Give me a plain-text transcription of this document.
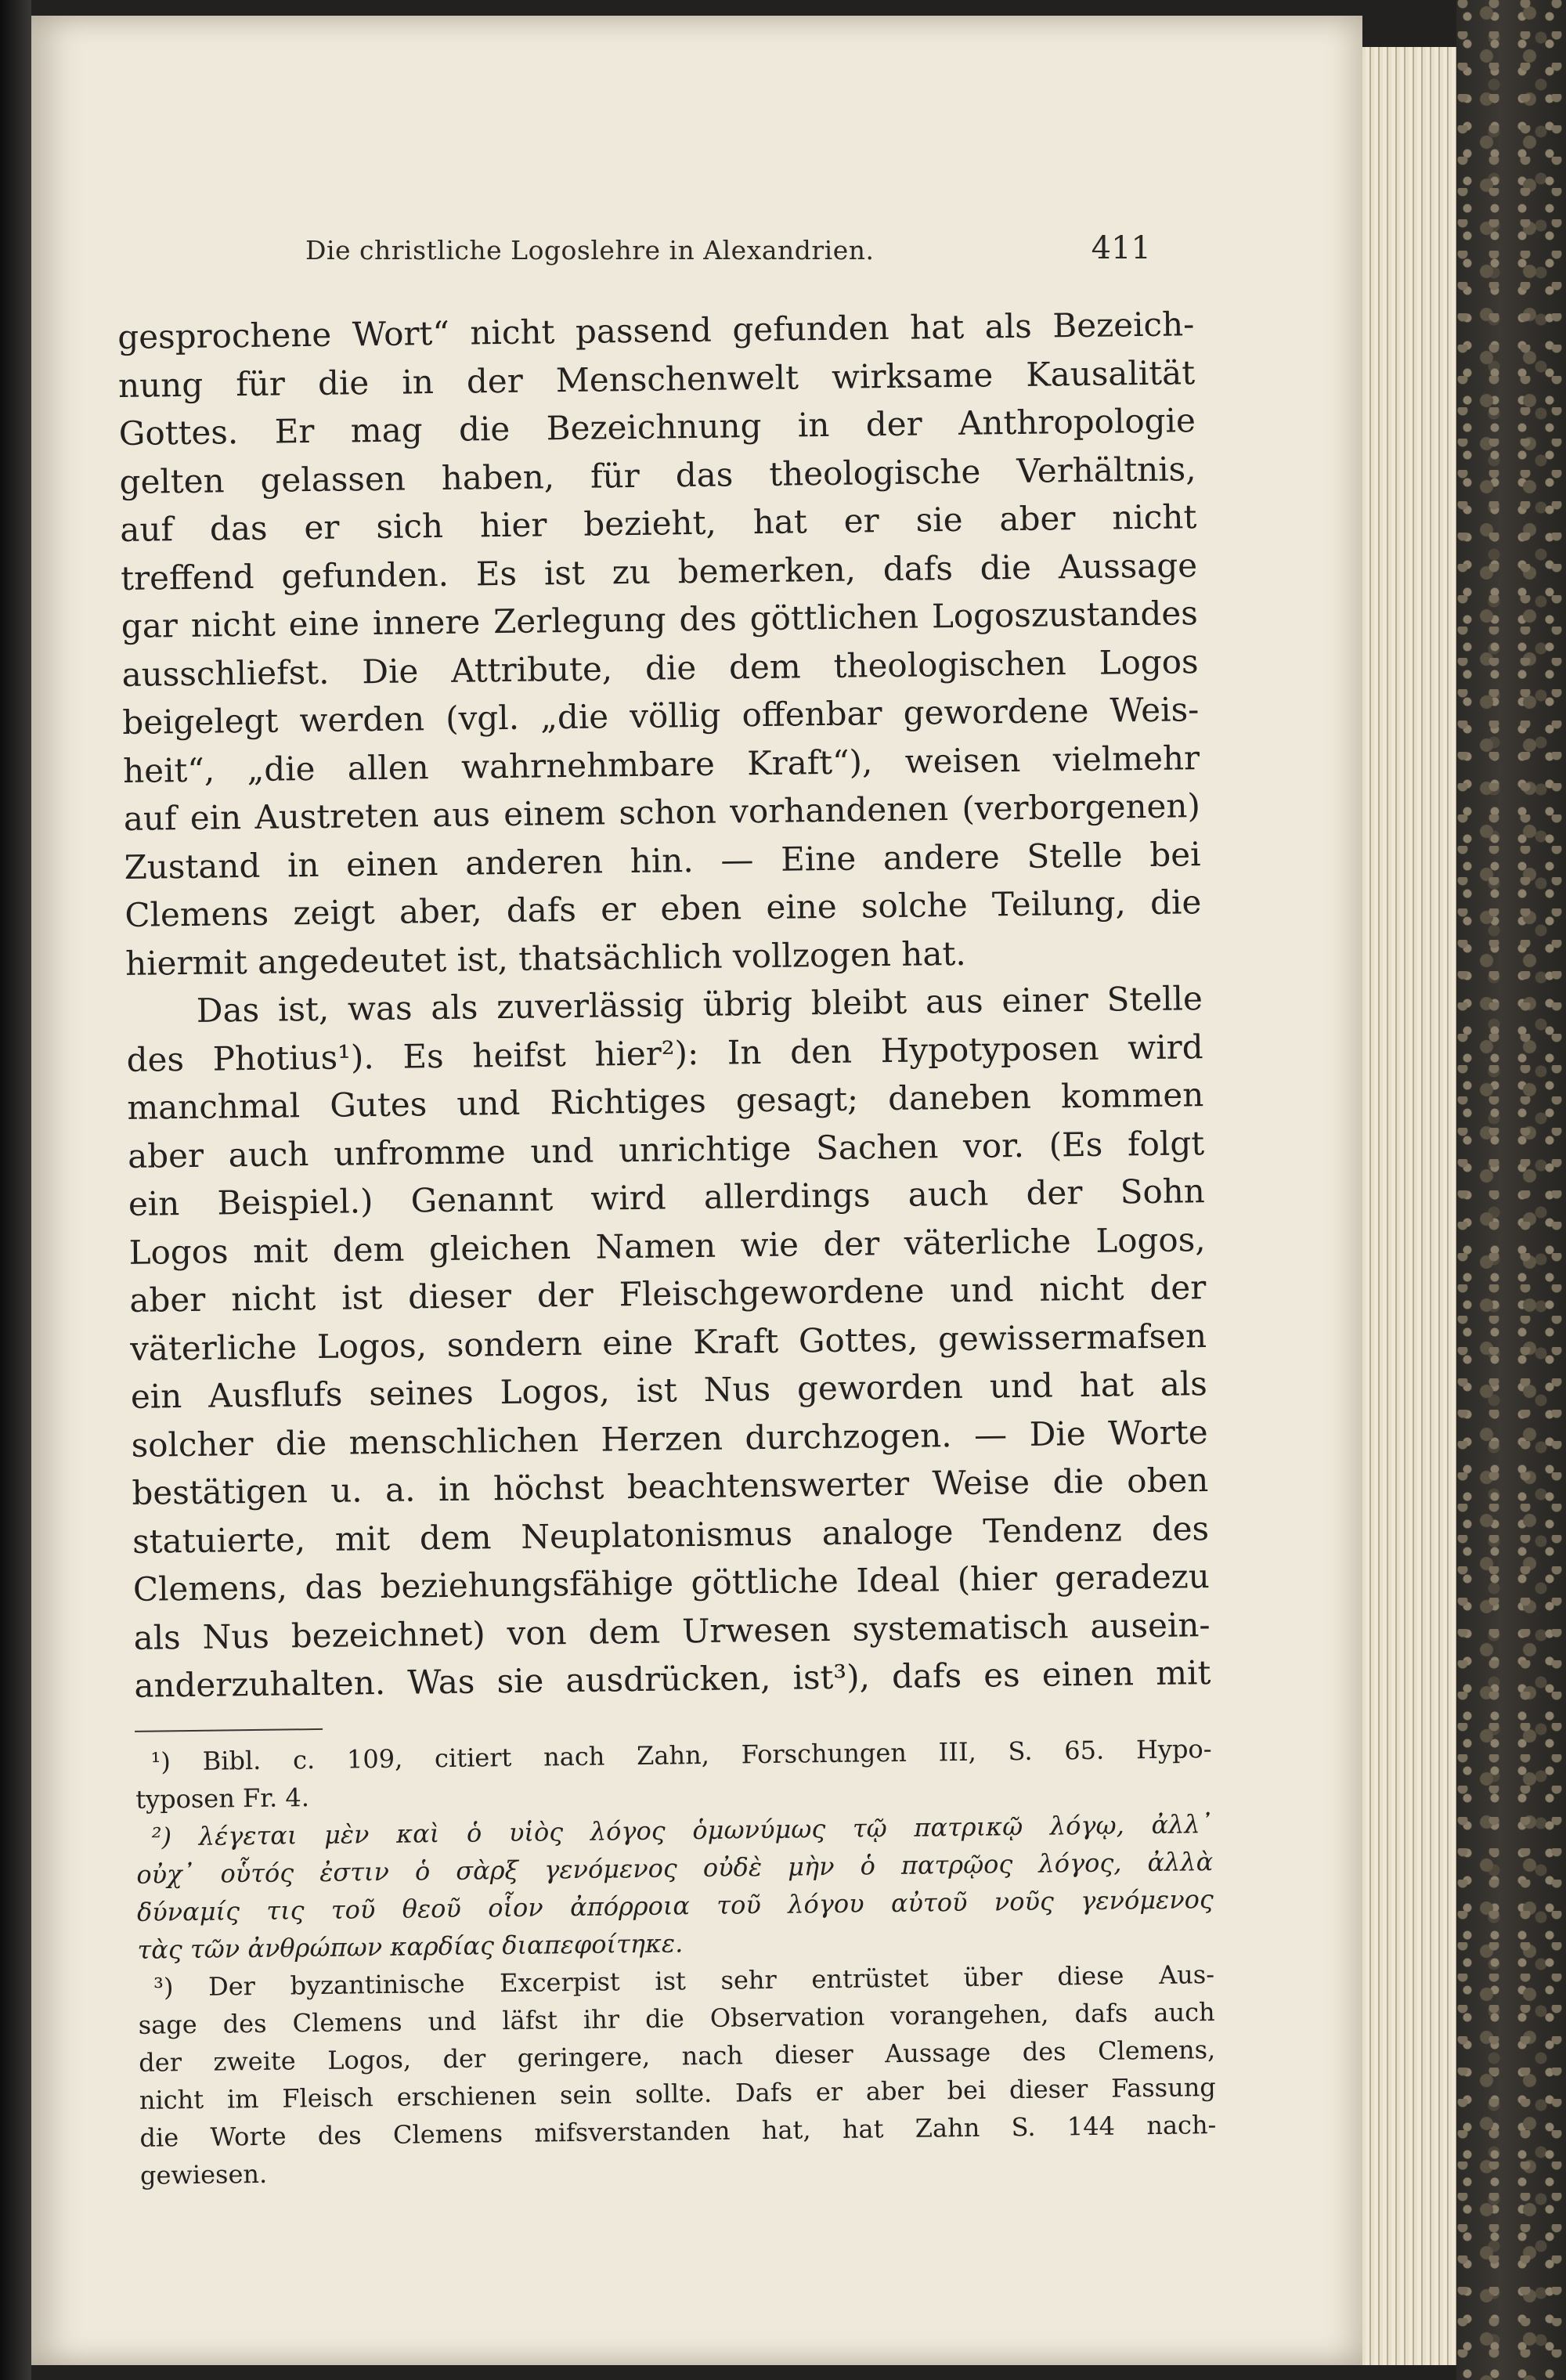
Die christliche Logoslehre in Alexandrien.	411
gesprochene Wort“ nicht passend gefunden hat als Bezeich-
nung für die in der Menschenwelt wirksame Kausalität
Gottes. Er mag die Bezeichnung in der Anthropologie
gelten gelassen haben, für das theologische Verhältnis,
auf das er sich hier bezieht, hat er sie aber nicht
treffend gefunden. Es ist zu bemerken, dafs die Aussage
gar nicht eine innere Zerlegung des göttlichen Logoszustandes
ausschliefst. Die Attribute, die dem theologischen Logos
beigelegt werden (vgl. „die völlig offenbar gewordene Weis-
heit“, „die allen wahrnehmbare Kraft“), weisen vielmehr
auf ein Austreten aus einem schon vorhandenen (verborgenen)
Zustand in einen anderen hin. — Eine andere Stelle bei
Clemens zeigt aber, dafs er eben eine solche Teilung, die
hiermit angedeutet ist, thatsächlich vollzogen hat.
Das ist, was als zuverlässig übrig bleibt aus einer Stelle
des Photius¹). Es heifst hier²): In den Hypotyposen wird
manchmal Gutes und Richtiges gesagt; daneben kommen
aber auch unfromme und unrichtige Sachen vor. (Es folgt
ein Beispiel.) Genannt wird allerdings auch der Sohn
Logos mit dem gleichen Namen wie der väterliche Logos,
aber nicht ist dieser der Fleischgewordene und nicht der
väterliche Logos, sondern eine Kraft Gottes, gewissermafsen
ein Ausflufs seines Logos, ist Nus geworden und hat als
solcher die menschlichen Herzen durchzogen. — Die Worte
bestätigen u. a. in höchst beachtenswerter Weise die oben
statuierte, mit dem Neuplatonismus analoge Tendenz des
Clemens, das beziehungsfähige göttliche Ideal (hier geradezu
als Nus bezeichnet) von dem Urwesen systematisch ausein-
anderzuhalten. Was sie ausdrücken, ist³), dafs es einen mit
¹) Bibl. c. 109, citiert nach Zahn, Forschungen III, S. 65. Hypo-
typosen Fr. 4.
²) λέγεται μὲν καὶ ὁ υἱὸς λόγος ὁμωνύμως τῷ πατρικῷ λόγῳ, ἀλλ᾽
οὐχ᾽ οὗτός ἐστιν ὁ σὰρξ γενόμενος οὐδὲ μὴν ὁ πατρῷος λόγος, ἀλλὰ
δύναμίς τις τοῦ θεοῦ οἷον ἀπόρροια τοῦ λόγου αὐτοῦ νοῦς γενόμενος
τὰς τῶν ἀνθρώπων καρδίας διαπεφοίτηκε.
³) Der byzantinische Excerpist ist sehr entrüstet über diese Aus-
sage des Clemens und läfst ihr die Observation vorangehen, dafs auch
der zweite Logos, der geringere, nach dieser Aussage des Clemens,
nicht im Fleisch erschienen sein sollte. Dafs er aber bei dieser Fassung
die Worte des Clemens mifsverstanden hat, hat Zahn S. 144 nach-
gewiesen.
